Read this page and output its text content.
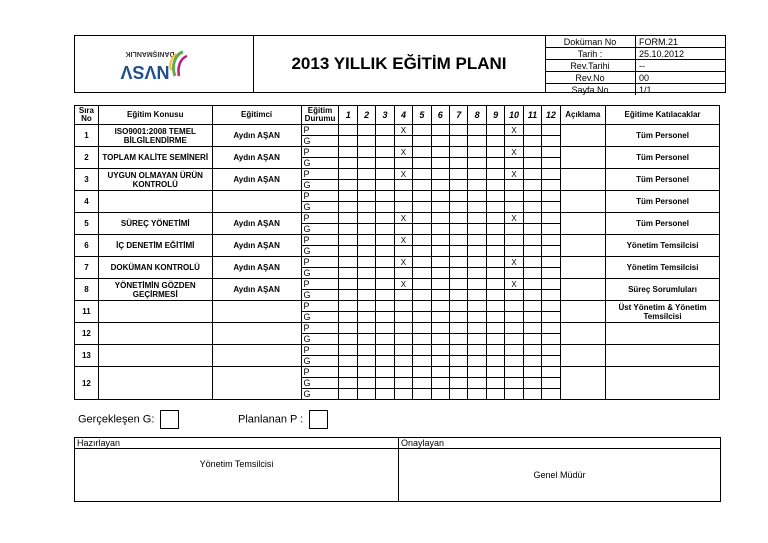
DANIŞMANLIK
NVSV	2013 YILLIK EĞİTİM PLANI
Doküman No	FORM.21
Tarih :	25.10.2012
Rev.Tarihi	--
Rev.No	00
Sayfa No	1/1
Sıra No	Eğitim Konusu	Eğitimci	Eğitim Durumu	1	2	3	4	5	6	7	8	9	10	11	12	Açıklama	Eğitime Katılacaklar
1	ISO9001:2008 TEMEL BİLGİLENDİRME	Aydın AŞAN	P				X						X				Tüm Personel
			G														
2	TOPLAM KALİTE SEMİNERİ	Aydın AŞAN	P				X						X				Tüm Personel
			G														
3	UYGUN OLMAYAN ÜRÜN KONTROLÜ	Aydın AŞAN	P				X						X				Tüm Personel
			G														
4			P														Tüm Personel
			G														
5	SÜREÇ YÖNETİMİ	Aydın AŞAN	P				X						X				Tüm Personel
			G														
6	İÇ DENETİM EĞİTİMİ	Aydın AŞAN	P				X										Yönetim Temsilcisi
			G														
7	DOKÜMAN KONTROLÜ	Aydın AŞAN	P				X						X				Yönetim Temsilcisi
			G														
8	YÖNETİMİN GÖZDEN GEÇİRMESİ	Aydın AŞAN	P				X						X				Süreç Sorumluları
			G														
11			P														Üst Yönetim & Yönetim Temsilcisi
			G														
12			P														
			G														
13			P														
			G														
12			P														
			G														
			G														
Gerçekleşen G:	Planlanan P :
Hazırlayan	Onaylayan
Yönetim Temsilcisi	Genel Müdür
